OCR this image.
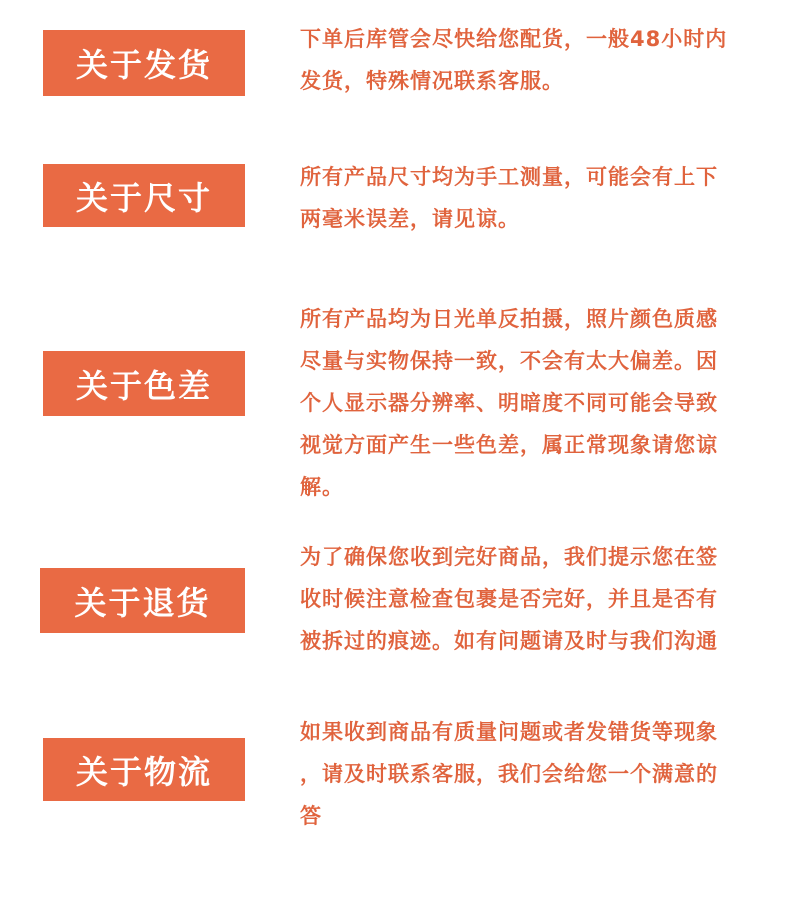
关于发货

下单后库管会尽快给您配货，一般48小时内
发货，特殊情况联系客服。

关于尺寸

所有产品尺寸均为手工测量，可能会有上下
两毫米误差，请见谅。

关于色差

所有产品均为日光单反拍摄，照片颜色质感
尽量与实物保持一致，不会有太大偏差。因
个人显示器分辨率、明暗度不同可能会导致
视觉方面产生一些色差，属正常现象请您谅
解。

关于退货

为了确保您收到完好商品，我们提示您在签
收时候注意检查包裹是否完好，并且是否有
被拆过的痕迹。如有问题请及时与我们沟通

关于物流

如果收到商品有质量问题或者发错货等现象
，请及时联系客服，我们会给您一个满意的
答
